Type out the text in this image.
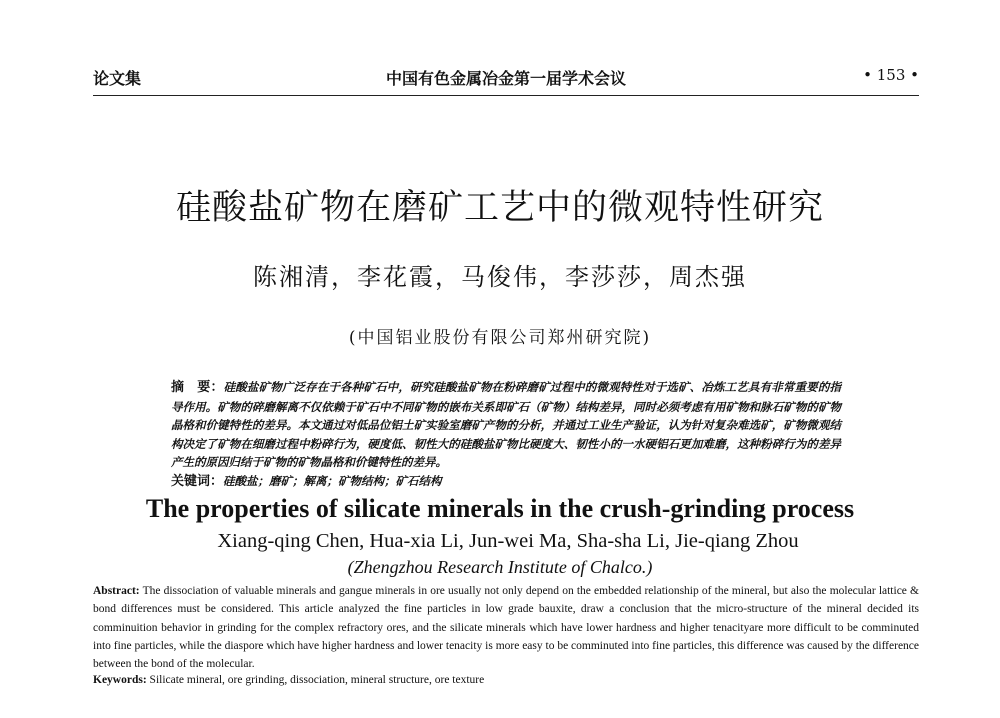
论文集	中国有色金属冶金第一届学术会议	• 153 •
硅酸盐矿物在磨矿工艺中的微观特性研究
陈湘清，李花霞，马俊伟，李莎莎，周杰强
(中国铝业股份有限公司郑州研究院)
摘　要：硅酸盐矿物广泛存在于各种矿石中，研究硅酸盐矿物在粉碎磨矿过程中的微观特性对于选矿、冶炼工艺具有非常重要的指导作用。矿物的碎磨解离不仅依赖于矿石中不同矿物的嵌布关系即矿石（矿物）结构差异，同时必须考虑有用矿物和脉石矿物的矿物晶格和价键特性的差异。本文通过对低品位铝土矿实验室磨矿产物的分析，并通过工业生产验证，认为针对复杂难选矿，矿物微观结构决定了矿物在细磨过程中粉碎行为，硬度低、韧性大的硅酸盐矿物比硬度大、韧性小的一水硬铝石更加难磨，这种粉碎行为的差异产生的原因归结于矿物的矿物晶格和价键特性的差异。
关键词：硅酸盐；磨矿；解离；矿物结构；矿石结构
The properties of silicate minerals in the crush-grinding process
Xiang-qing Chen, Hua-xia Li, Jun-wei Ma, Sha-sha Li, Jie-qiang Zhou
(Zhengzhou Research Institute of Chalco.)
Abstract: The dissociation of valuable minerals and gangue minerals in ore usually not only depend on the embedded relationship of the mineral, but also the molecular lattice & bond differences must be considered. This article analyzed the fine particles in low grade bauxite, draw a conclusion that the micro-structure of the mineral decided its comminuition behavior in grinding for the complex refractory ores, and the silicate minerals which have lower hardness and higher tenacityare more difficult to be comminuted into fine particles, while the diaspore which have higher hardness and lower tenacity is more easy to be comminuted into fine particles, this difference was caused by the difference between the bond of the molecular.
Keywords: Silicate mineral, ore grinding, dissociation, mineral structure, ore texture
